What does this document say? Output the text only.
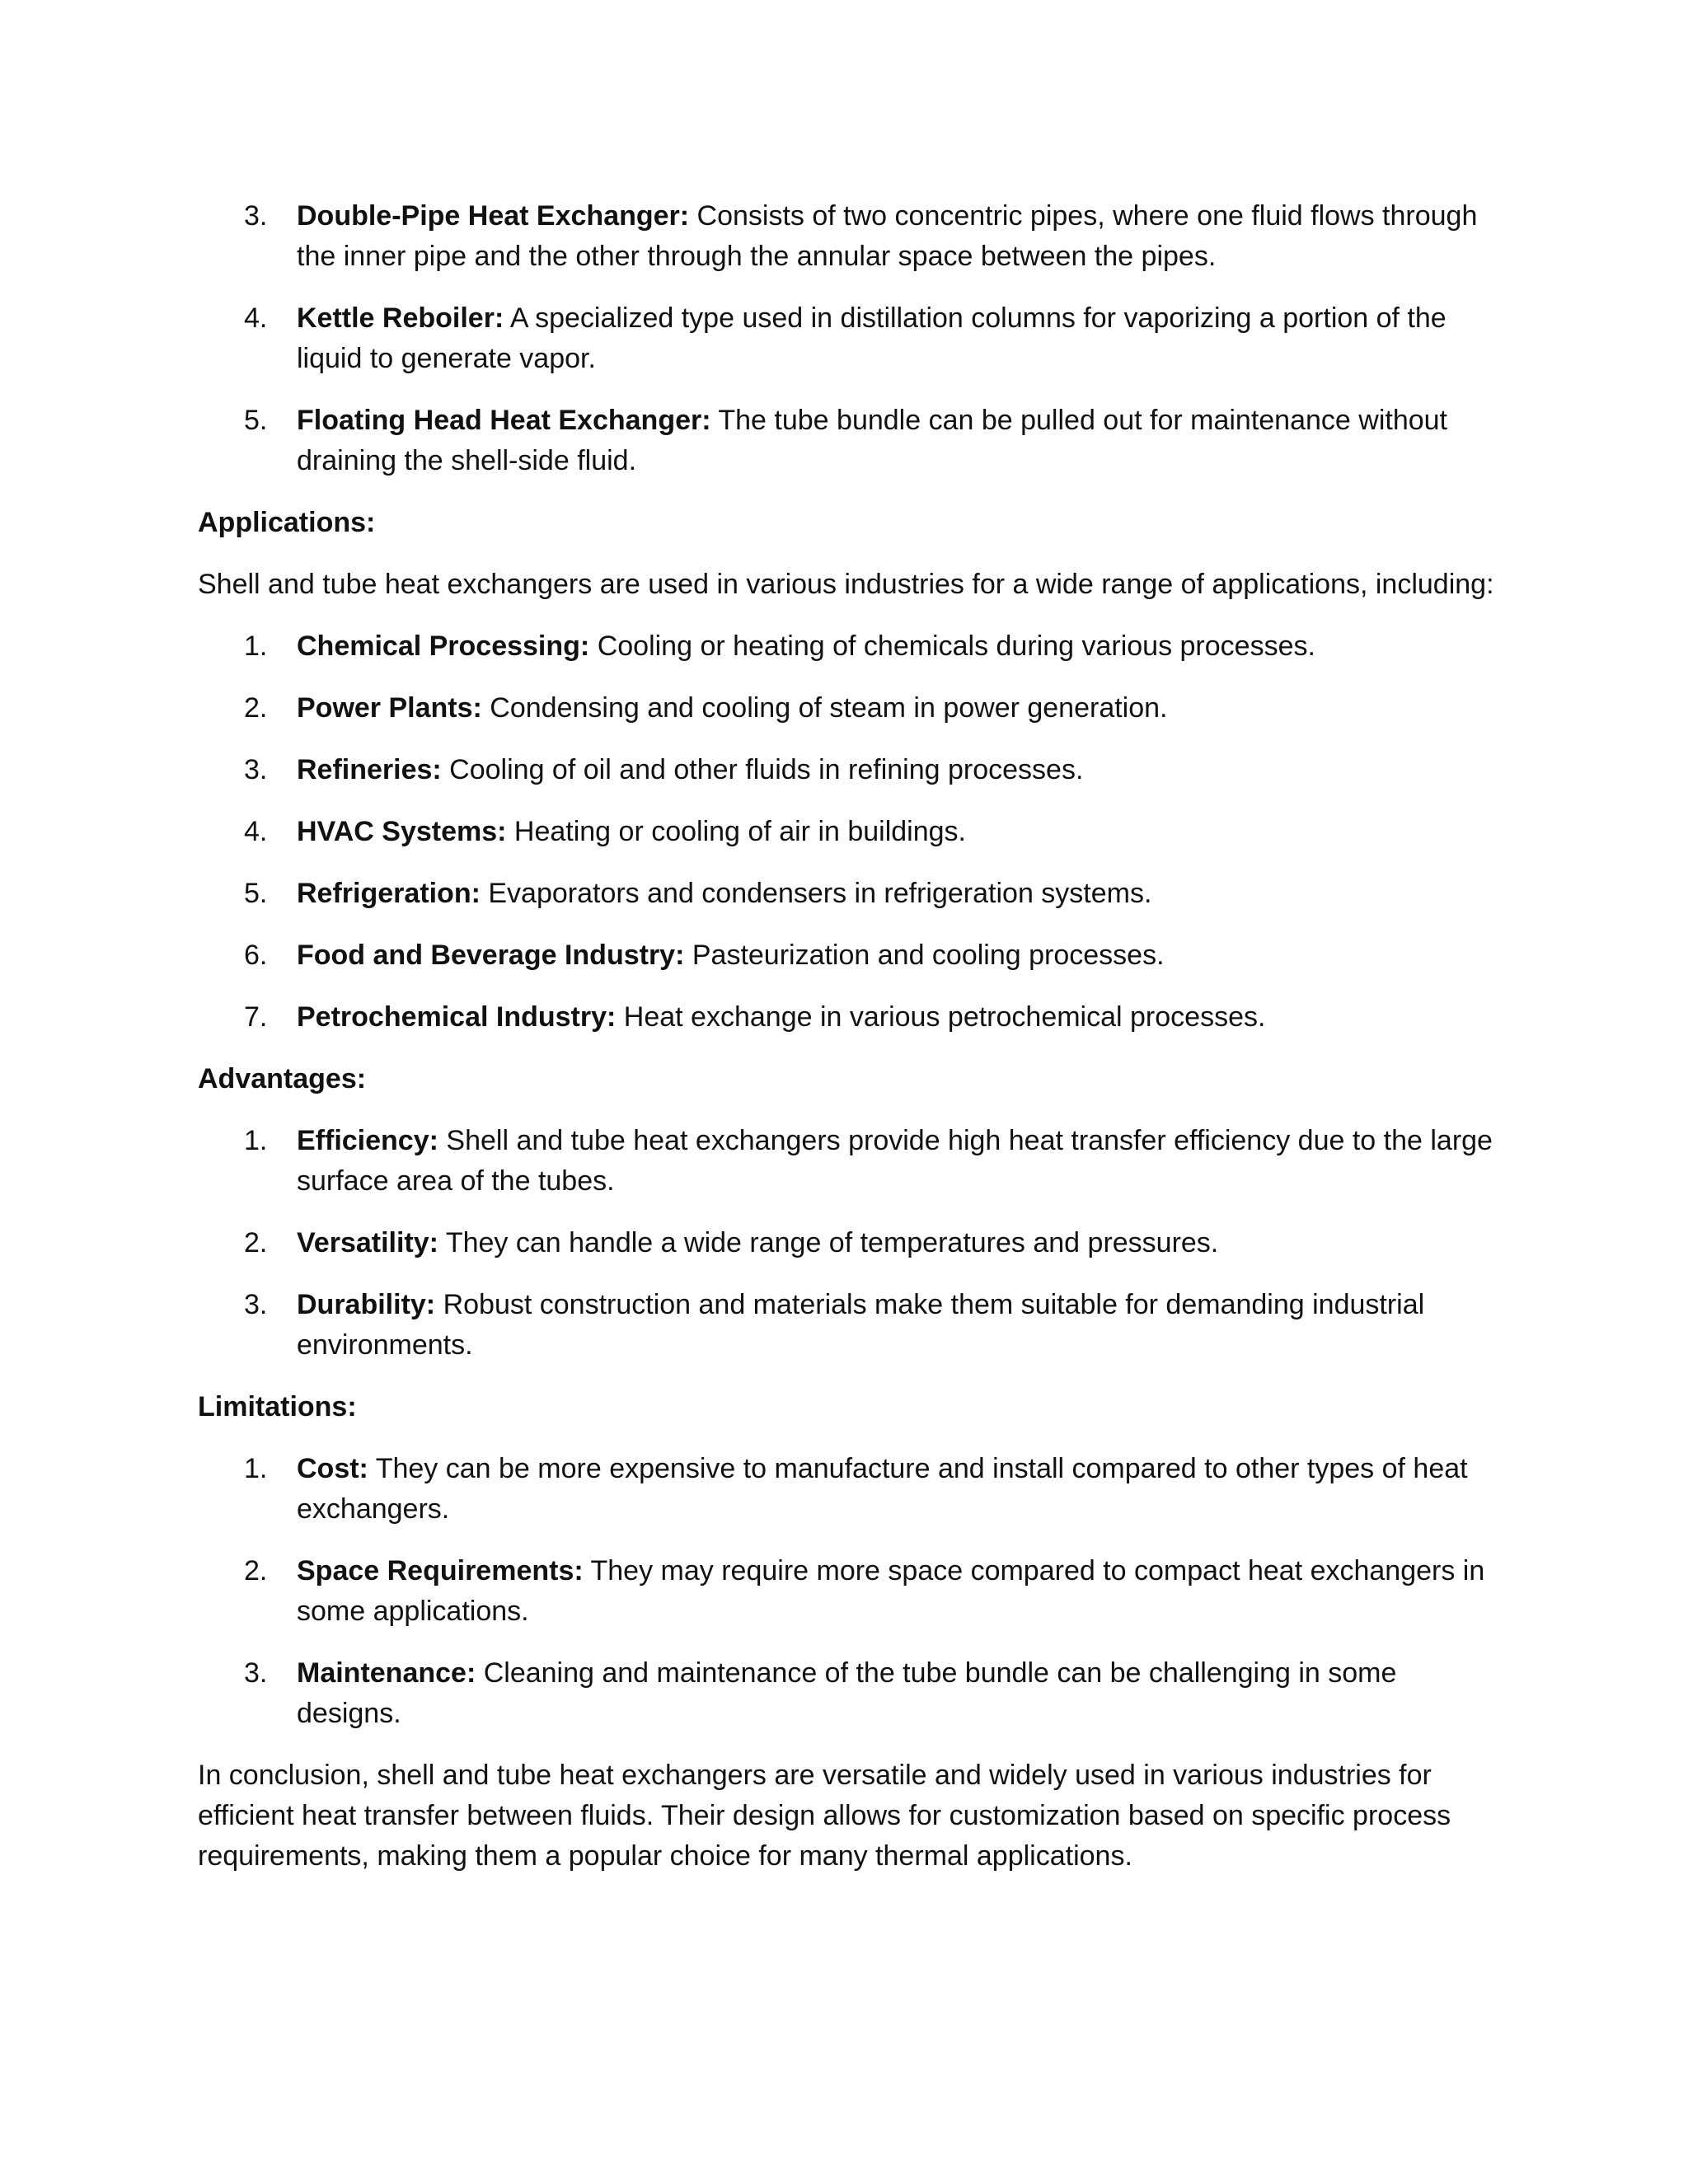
3.	Double-Pipe Heat Exchanger: Consists of two concentric pipes, where one fluid flows through the inner pipe and the other through the annular space between the pipes.
4.	Kettle Reboiler: A specialized type used in distillation columns for vaporizing a portion of the liquid to generate vapor.
5.	Floating Head Heat Exchanger: The tube bundle can be pulled out for maintenance without draining the shell-side fluid.
Applications:
Shell and tube heat exchangers are used in various industries for a wide range of applications, including:
1.	Chemical Processing: Cooling or heating of chemicals during various processes.
2.	Power Plants: Condensing and cooling of steam in power generation.
3.	Refineries: Cooling of oil and other fluids in refining processes.
4.	HVAC Systems: Heating or cooling of air in buildings.
5.	Refrigeration: Evaporators and condensers in refrigeration systems.
6.	Food and Beverage Industry: Pasteurization and cooling processes.
7.	Petrochemical Industry: Heat exchange in various petrochemical processes.
Advantages:
1.	Efficiency: Shell and tube heat exchangers provide high heat transfer efficiency due to the large surface area of the tubes.
2.	Versatility: They can handle a wide range of temperatures and pressures.
3.	Durability: Robust construction and materials make them suitable for demanding industrial environments.
Limitations:
1.	Cost: They can be more expensive to manufacture and install compared to other types of heat exchangers.
2.	Space Requirements: They may require more space compared to compact heat exchangers in some applications.
3.	Maintenance: Cleaning and maintenance of the tube bundle can be challenging in some designs.

In conclusion, shell and tube heat exchangers are versatile and widely used in various industries for efficient heat transfer between fluids. Their design allows for customization based on specific process requirements, making them a popular choice for many thermal applications.
